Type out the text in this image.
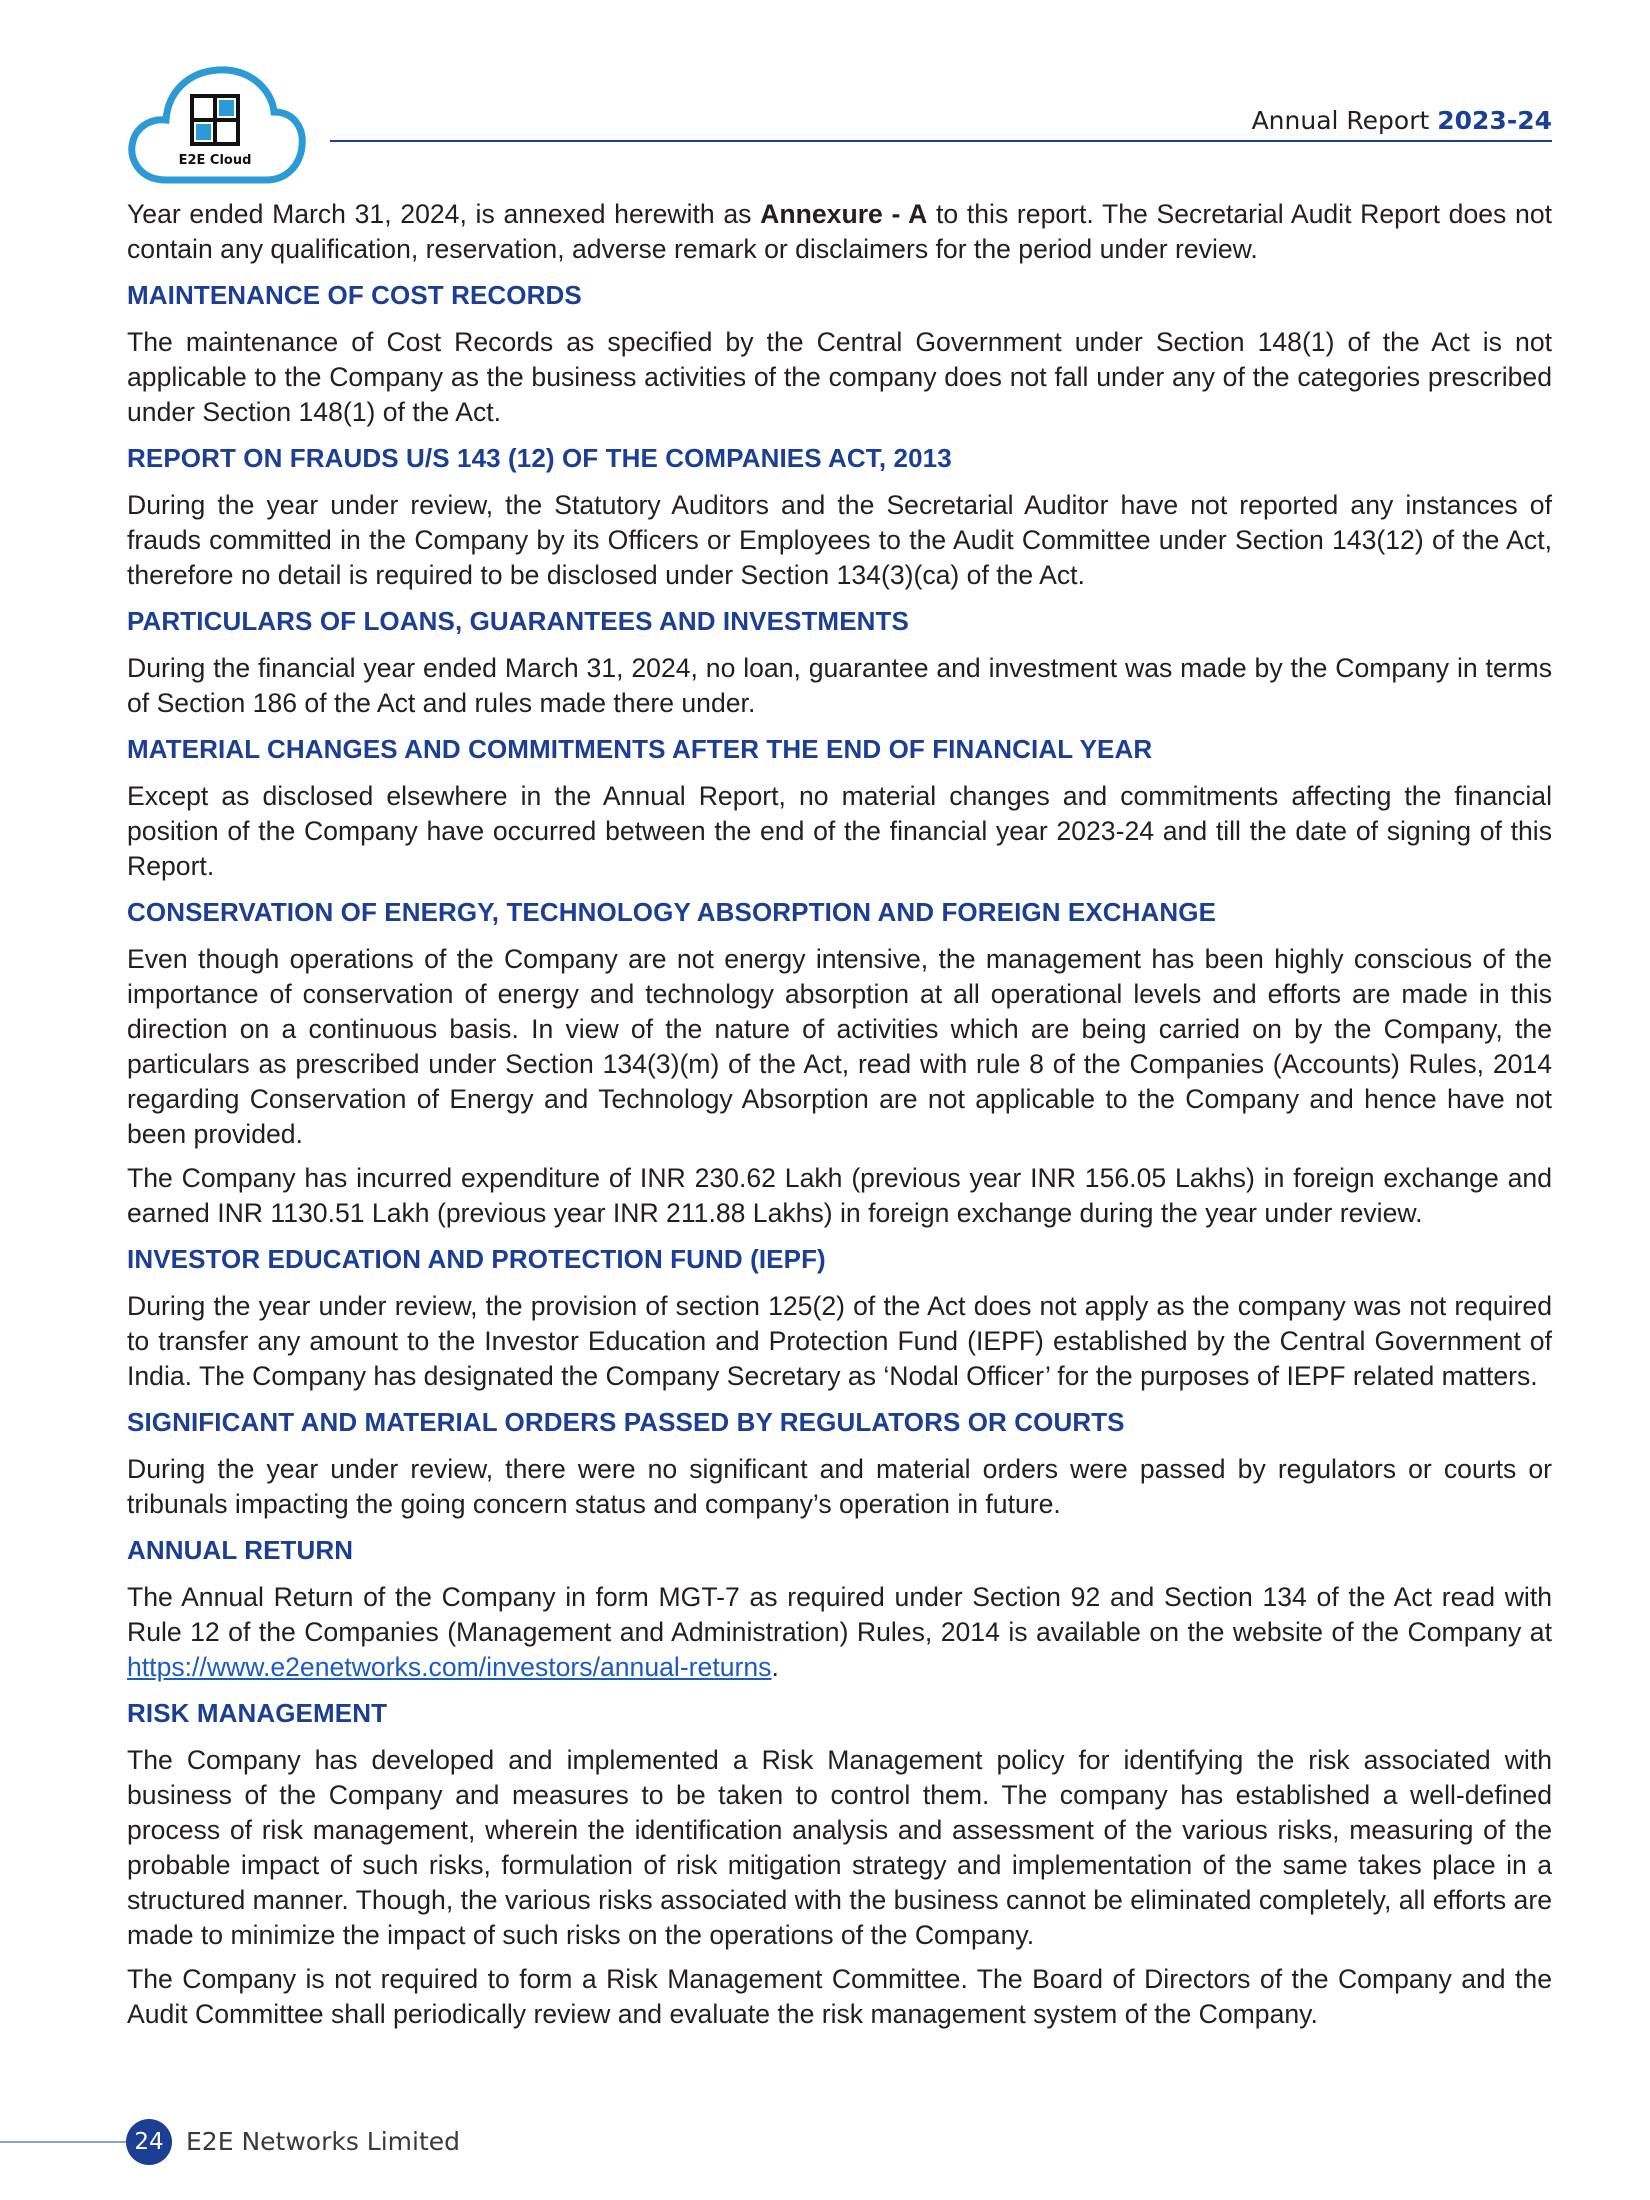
E2E Cloud
Annual Report 2023-24

Year ended March 31, 2024, is annexed herewith as Annexure - A to this report. The Secretarial Audit Report does not contain any qualification, reservation, adverse remark or disclaimers for the period under review.

MAINTENANCE OF COST RECORDS

The maintenance of Cost Records as specified by the Central Government under Section 148(1) of the Act is not applicable to the Company as the business activities of the company does not fall under any of the categories prescribed under Section 148(1) of the Act.

REPORT ON FRAUDS U/S 143 (12) OF THE COMPANIES ACT, 2013

During the year under review, the Statutory Auditors and the Secretarial Auditor have not reported any instances of frauds committed in the Company by its Officers or Employees to the Audit Committee under Section 143(12) of the Act, therefore no detail is required to be disclosed under Section 134(3)(ca) of the Act.

PARTICULARS OF LOANS, GUARANTEES AND INVESTMENTS

During the financial year ended March 31, 2024, no loan, guarantee and investment was made by the Company in terms of Section 186 of the Act and rules made there under.

MATERIAL CHANGES AND COMMITMENTS AFTER THE END OF FINANCIAL YEAR

Except as disclosed elsewhere in the Annual Report, no material changes and commitments affecting the financial position of the Company have occurred between the end of the financial year 2023-24 and till the date of signing of this Report.

CONSERVATION OF ENERGY, TECHNOLOGY ABSORPTION AND FOREIGN EXCHANGE

Even though operations of the Company are not energy intensive, the management has been highly conscious of the importance of conservation of energy and technology absorption at all operational levels and efforts are made in this direction on a continuous basis. In view of the nature of activities which are being carried on by the Company, the particulars as prescribed under Section 134(3)(m) of the Act, read with rule 8 of the Companies (Accounts) Rules, 2014 regarding Conservation of Energy and Technology Absorption are not applicable to the Company and hence have not been provided.

The Company has incurred expenditure of INR 230.62 Lakh (previous year INR 156.05 Lakhs) in foreign exchange and earned INR 1130.51 Lakh (previous year INR 211.88 Lakhs) in foreign exchange during the year under review.

INVESTOR EDUCATION AND PROTECTION FUND (IEPF)

During the year under review, the provision of section 125(2) of the Act does not apply as the company was not required to transfer any amount to the Investor Education and Protection Fund (IEPF) established by the Central Government of India. The Company has designated the Company Secretary as ‘Nodal Officer’ for the purposes of IEPF related matters.

SIGNIFICANT AND MATERIAL ORDERS PASSED BY REGULATORS OR COURTS

During the year under review, there were no significant and material orders were passed by regulators or courts or tribunals impacting the going concern status and company’s operation in future.

ANNUAL RETURN

The Annual Return of the Company in form MGT-7 as required under Section 92 and Section 134 of the Act read with Rule 12 of the Companies (Management and Administration) Rules, 2014 is available on the website of the Company at https://www.e2enetworks.com/investors/annual-returns.

RISK MANAGEMENT

The Company has developed and implemented a Risk Management policy for identifying the risk associated with business of the Company and measures to be taken to control them. The company has established a well-defined process of risk management, wherein the identification analysis and assessment of the various risks, measuring of the probable impact of such risks, formulation of risk mitigation strategy and implementation of the same takes place in a structured manner. Though, the various risks associated with the business cannot be eliminated completely, all efforts are made to minimize the impact of such risks on the operations of the Company.

The Company is not required to form a Risk Management Committee. The Board of Directors of the Company and the Audit Committee shall periodically review and evaluate the risk management system of the Company.

24 E2E Networks Limited
